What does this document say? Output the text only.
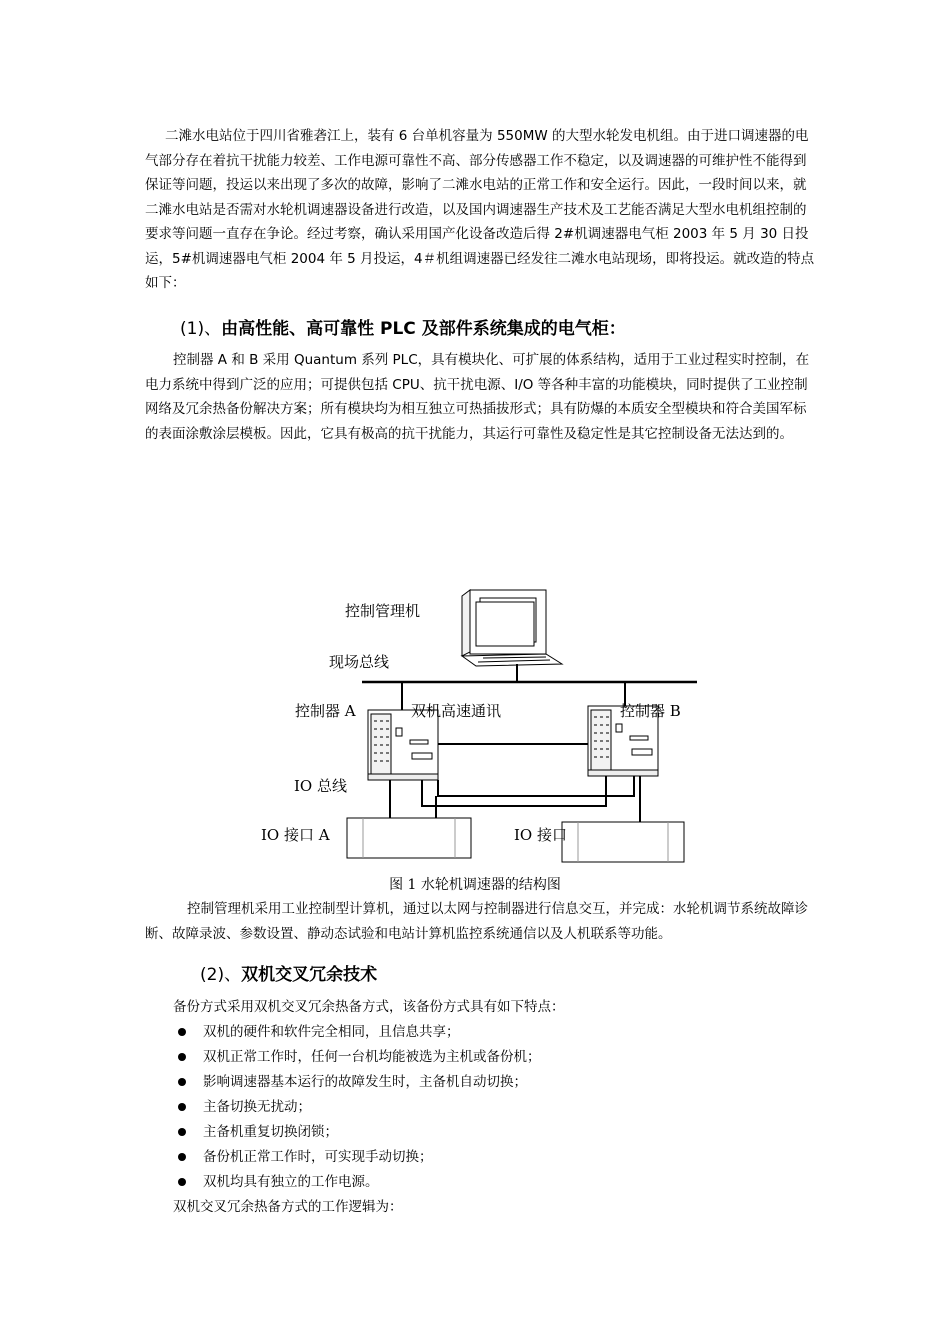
二滩水电站位于四川省雅砻江上，装有 6 台单机容量为 550MW 的大型水轮发电机组。由于进口调速器的电气部分存在着抗干扰能力较差、工作电源可靠性不高、部分传感器工作不稳定，以及调速器的可维护性不能得到保证等问题，投运以来出现了多次的故障，影响了二滩水电站的正常工作和安全运行。因此，一段时间以来，就二滩水电站是否需对水轮机调速器设备进行改造，以及国内调速器生产技术及工艺能否满足大型水电机组控制的要求等问题一直存在争论。经过考察，确认采用国产化设备改造后得 2#机调速器电气柜 2003 年 5 月 30 日投运，5#机调速器电气柜 2004 年 5 月投运，4＃机组调速器已经发往二滩水电站现场，即将投运。就改造的特点如下：

(1)、由高性能、高可靠性 PLC 及部件系统集成的电气柜：

控制器 A 和 B 采用 Quantum 系列 PLC，具有模块化、可扩展的体系结构，适用于工业过程实时控制，在电力系统中得到广泛的应用；可提供包括 CPU、抗干扰电源、I/O 等各种丰富的功能模块，同时提供了工业控制网络及冗余热备份解决方案；所有模块均为相互独立可热插拔形式；具有防爆的本质安全型模块和符合美国军标的表面涂敷涂层模板。因此，它具有极高的抗干扰能力，其运行可靠性及稳定性是其它控制设备无法达到的。

控制管理机
现场总线
控制器 A	双机高速通讯	控制器 B
IO 总线
IO 接口 A	IO 接口
图 1 水轮机调速器的结构图

控制管理机采用工业控制型计算机，通过以太网与控制器进行信息交互，并完成：水轮机调节系统故障诊断、故障录波、参数设置、静动态试验和电站计算机监控系统通信以及人机联系等功能。

(2)、双机交叉冗余技术

备份方式采用双机交叉冗余热备方式，该备份方式具有如下特点：

双机的硬件和软件完全相同，且信息共享；
双机正常工作时，任何一台机均能被选为主机或备份机；
影响调速器基本运行的故障发生时，主备机自动切换；
主备切换无扰动；
主备机重复切换闭锁；
备份机正常工作时，可实现手动切换；
双机均具有独立的工作电源。

双机交叉冗余热备方式的工作逻辑为：
